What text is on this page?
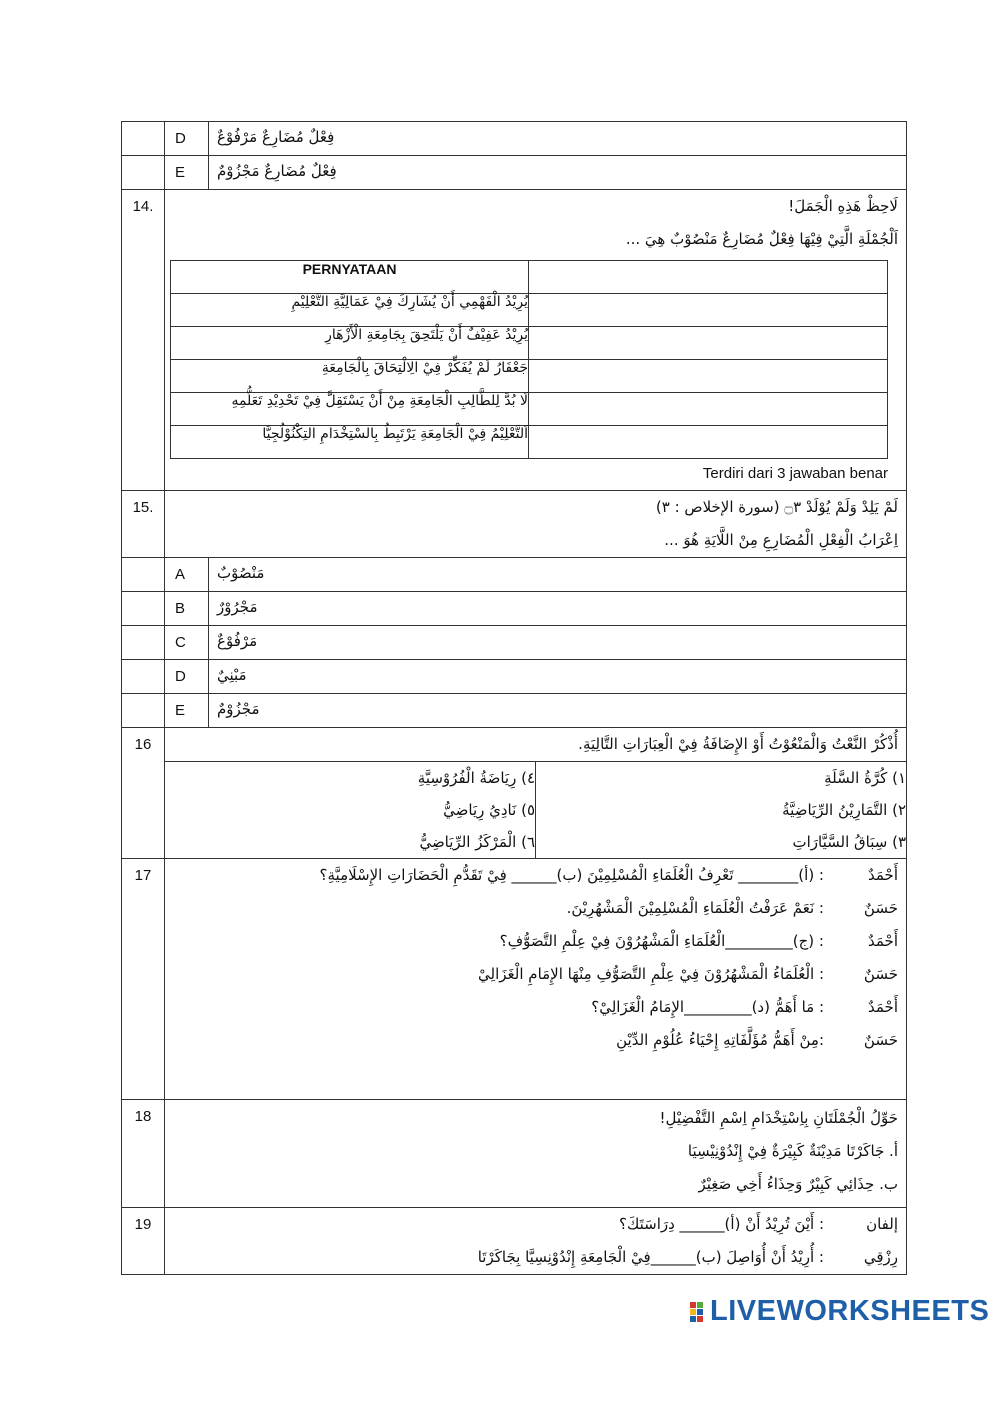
	D	فِعْلٌ مُضَارِعٌ مَرْفُوْعٌ

	E	فِعْلٌ مُضَارِعٌ مَجْزُوْمٌ

14.	لَاحِظْ هَذِهِ الْجَمَلَ!
اَلْجُمْلَةِ الَّتِيْ فِيْهَا فِعْلٌ مُضَارِعٌ مَنْصُوْبٌ هِيَ ...
PERNYATAAN	
يُرِيْدُ الْفَهْمِي أَنْ يُشَارِكَ فِيْ عَمَالِيَّةِ التَّعْلِيْمِ	
يُرِيْدُ عَفِيْفٌ أَنْ يَلْتَحِقَ بِجَامِعَةِ الْأَزْهَارِ	
جَعْفَارُ لَمْ يُفَكِّرْ فِيْ الِالْتِحَاقَ بِالْجَامِعَةِ	
لَا بُدَّ لِلطَّالِبِ الْجَامِعَةِ مِنْ أَنْ يَسْتَقِلَّ فِيْ تَحْدِيْدِ تَعَلُّمِهِ	
اَلتَّعْلِيْمُ فِيْ الْجَامِعَةِ يَرْتَبِطُ بِالسْتِخْدَامِ التِكْنُوْلُجِيَّا	
Terdiri dari 3 jawaban benar

15.	لَمْ يَلِدْ وَلَمْ يُوْلَدْ ۝٣ (سورة الإخلاص : ٣)
اِعْرَابُ الْفِعْلِ الْمُضَارِعِ مِنْ اللَّايَةِ هُوَ ...

	A	مَنْصُوْبٌ

	B	مَجْرُوْرٌ

	C	مَرْفُوْعٌ

	D	مَبْنِيٌ

	E	مَجْزُوْمٌ

16	أُذْكُرْ النَّعْتُ وَالْمَنْعُوْتُ أَوْ الإِضَافَةُ فِيْ الْعِبَارَاتِ التَّالِيَةِ.
٤) رِيَاضَةُ الْفُرُوْسِيَّةِ
٥) نَادِيُ رِيَاضِيُّ
٦) الْمَرْكَزُ الرِّيَاضِيُّ

١) كُرَّةُ السَّلَةِ
٢) التَّمَارِيْنُ الرِّيَاضِيَّةُ
٣) سِبَاقُ السَّيَّارَاتِ

17	أَحْمَدٌ
: (أ)________ تَعْرِفُ الْعُلَمَاءِ الْمُسْلِمِيْنَ (ب)______ فِيْ تَقَدُّمِ الْحَضَارَاتِ الإِسْلَامِيَّةِ؟
حَسَنٌ
: نَعَمْ عَرَفْتُ الْعُلَمَاءِ الْمُسْلِمِيْنَ الْمَشْهُرِيْنَ.
أَحْمَدٌ
: (ج)_________الْعُلَمَاءِ الْمَشْهُرُوْنَ فِيْ عِلْمِ التَّصَوُّفِ؟
حَسَنٌ
: الْعُلَمَاءُ الْمَشْهُرُوْنَ فِيْ عِلْمِ التَّصَوُّفِ مِنْهَا الإِمَامِ الْغَزَالِيْ
أَحْمَدٌ
: مَا أَهَمُّ (د)_________الإِمَامُ الْغَزَالِيْ؟
حَسَنٌ
:مِنْ أَهَمُّ مُؤَلَّفَاتِهِ إِحْيَاءُ عُلُوْمِ الدِّيْنِ

18	حَوِّلُ الْجُمْلَتَانِ بِاِسْتِخْدَامِ اِسْمِ التَّفْضِيْلِ!
أ. جَاكَرْتَا مَدِيْنَةٌ كَبِيْرَةٌ فِيْ إِنْدُوْنِيْسِيَا
ب. حِذَائِي كَبِيْرٌ وَحِذَاءُ أَخِي صَغِيْرٌ

19	إلفان
: أَيْنَ تُرِيْدُ أَنْ (أ)______ دِرَاسَتَكَ؟
رِزْقِي
: أُرِيْدُ أَنْ أُوَاصِلَ (ب)______فِيْ الْجَامِعَةِ إِنْدُوْنِسِيَّا بِجَاكَرْتَا
LIVEWORKSHEETS
